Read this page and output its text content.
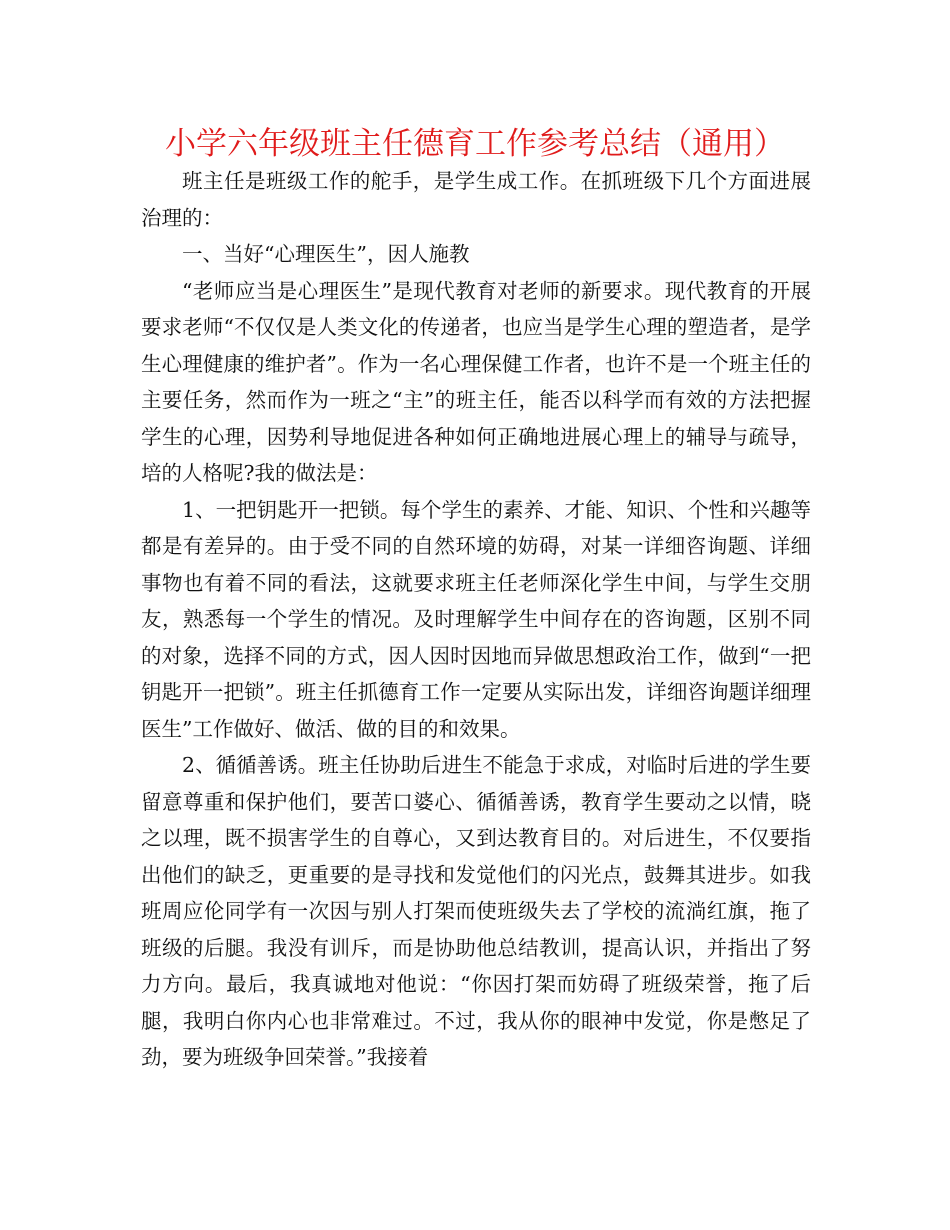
小学六年级班主任德育工作参考总结（通用）

班主任是班级工作的舵手，是学生成工作。在抓班级下几个方面进展治理的：

一、当好“心理医生”，因人施教

“老师应当是心理医生”是现代教育对老师的新要求。现代教育的开展要求老师“不仅仅是人类文化的传递者，也应当是学生心理的塑造者，是学生心理健康的维护者”。作为一名心理保健工作者，也许不是一个班主任的主要任务，然而作为一班之“主”的班主任，能否以科学而有效的方法把握学生的心理，因势利导地促进各种如何正确地进展心理上的辅导与疏导，培的人格呢?我的做法是：

1、一把钥匙开一把锁。每个学生的素养、才能、知识、个性和兴趣等都是有差异的。由于受不同的自然环境的妨碍，对某一详细咨询题、详细事物也有着不同的看法，这就要求班主任老师深化学生中间，与学生交朋友，熟悉每一个学生的情况。及时理解学生中间存在的咨询题，区别不同的对象，选择不同的方式，因人因时因地而异做思想政治工作，做到“一把钥匙开一把锁”。班主任抓德育工作一定要从实际出发，详细咨询题详细理医生”工作做好、做活、做的目的和效果。

2、循循善诱。班主任协助后进生不能急于求成，对临时后进的学生要留意尊重和保护他们，要苦口婆心、循循善诱，教育学生要动之以情，晓之以理，既不损害学生的自尊心，又到达教育目的。对后进生，不仅要指出他们的缺乏，更重要的是寻找和发觉他们的闪光点，鼓舞其进步。如我班周应伦同学有一次因与别人打架而使班级失去了学校的流淌红旗，拖了班级的后腿。我没有训斥，而是协助他总结教训，提高认识，并指出了努力方向。最后，我真诚地对他说：“你因打架而妨碍了班级荣誉，拖了后腿，我明白你内心也非常难过。不过，我从你的眼神中发觉，你是憋足了劲，要为班级争回荣誉。”我接着
